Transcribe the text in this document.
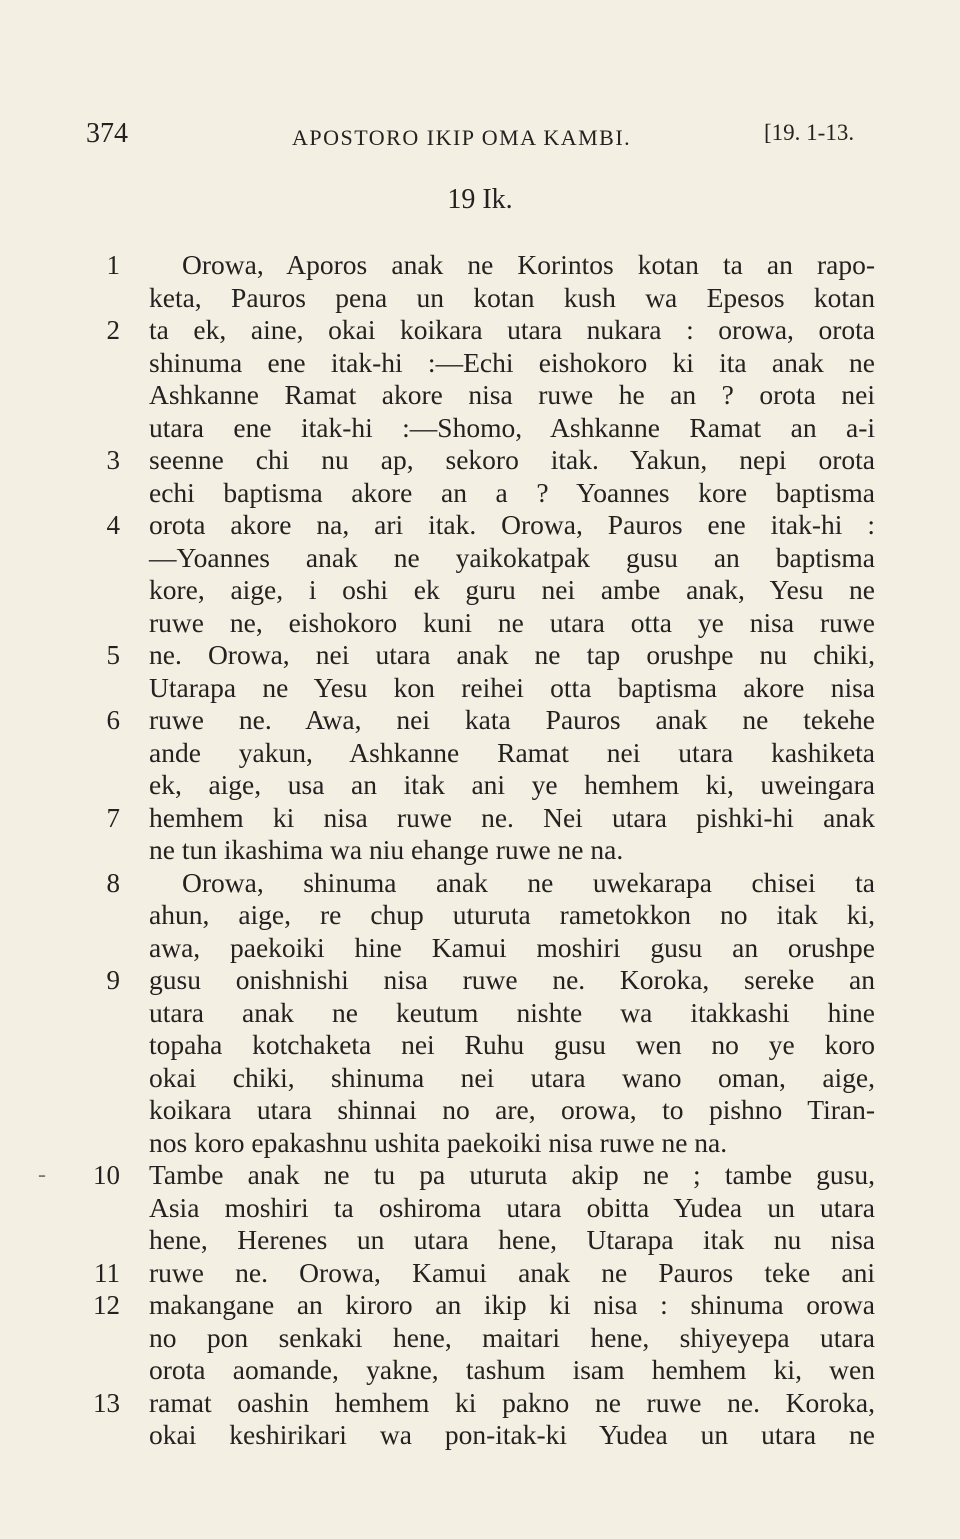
374	APOSTORO IKIP OMA KAMBI.	[19. 1-13.
19 Ik.
1 Orowa, Aporos anak ne Korintos kotan ta an rapo-
keta, Pauros pena un kotan kush wa Epesos kotan
2 ta ek, aine, okai koikara utara nukara : orowa, orota
shinuma ene itak-hi :—Echi eishokoro ki ita anak ne
Ashkanne Ramat akore nisa ruwe he an ? orota nei
utara ene itak-hi :—Shomo, Ashkanne Ramat an a-i
3 seenne chi nu ap, sekoro itak. Yakun, nepi orota
echi baptisma akore an a ? Yoannes kore baptisma
4 orota akore na, ari itak. Orowa, Pauros ene itak-hi :
—Yoannes anak ne yaikokatpak gusu an baptisma
kore, aige, i oshi ek guru nei ambe anak, Yesu ne
ruwe ne, eishokoro kuni ne utara otta ye nisa ruwe
5 ne. Orowa, nei utara anak ne tap orushpe nu chiki,
Utarapa ne Yesu kon reihei otta baptisma akore nisa
6 ruwe ne. Awa, nei kata Pauros anak ne tekehe
ande yakun, Ashkanne Ramat nei utara kashiketa
ek, aige, usa an itak ani ye hemhem ki, uweingara
7 hemhem ki nisa ruwe ne. Nei utara pishki-hi anak
ne tun ikashima wa niu ehange ruwe ne na.
8 Orowa, shinuma anak ne uwekarapa chisei ta
ahun, aige, re chup uturuta rametokkon no itak ki,
awa, paekoiki hine Kamui moshiri gusu an orushpe
9 gusu onishnishi nisa ruwe ne. Koroka, sereke an
utara anak ne keutum nishte wa itakkashi hine
topaha kotchaketa nei Ruhu gusu wen no ye koro
okai chiki, shinuma nei utara wano oman, aige,
koikara utara shinnai no are, orowa, to pishno Tiran-
nos koro epakashnu ushita paekoiki nisa ruwe ne na.
- 10 Tambe anak ne tu pa uturuta akip ne ; tambe gusu,
Asia moshiri ta oshiroma utara obitta Yudea un utara
hene, Herenes un utara hene, Utarapa itak nu nisa
11 ruwe ne. Orowa, Kamui anak ne Pauros teke ani
12 makangane an kiroro an ikip ki nisa : shinuma orowa
no pon senkaki hene, maitari hene, shiyeyepa utara
orota aomande, yakne, tashum isam hemhem ki, wen
13 ramat oashin hemhem ki pakno ne ruwe ne. Koroka,
okai keshirikari wa pon-itak-ki Yudea un utara ne
